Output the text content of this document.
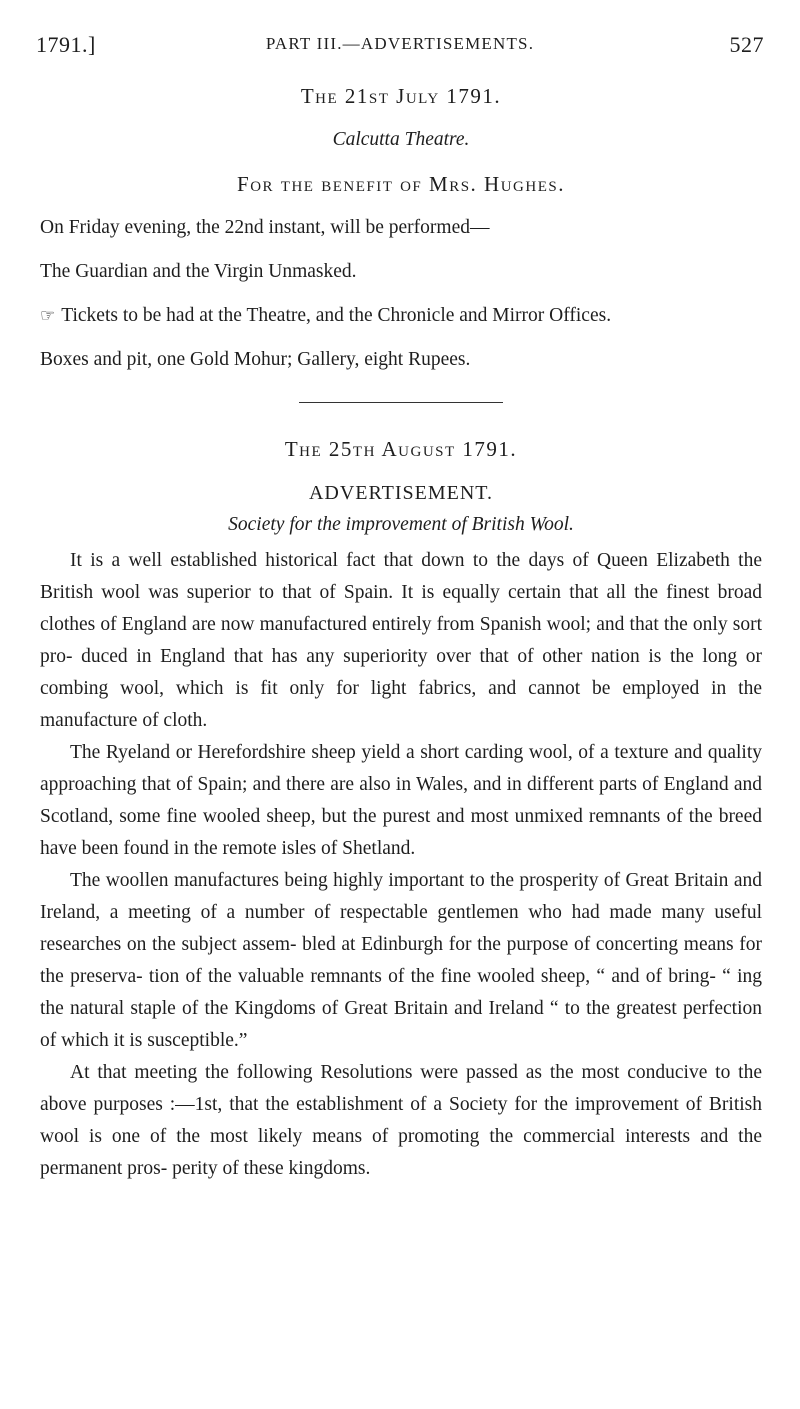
1791.]	PART III.—ADVERTISEMENTS.	527
The 21st July 1791.
Calcutta Theatre.
For the benefit of Mrs. Hughes.

On Friday evening, the 22nd instant, will be performed—

The Guardian and the Virgin Unmasked.

☞ Tickets to be had at the Theatre, and the Chronicle and Mirror Offices.

Boxes and pit, one Gold Mohur; Gallery, eight Rupees.

The 25th August 1791.
ADVERTISEMENT.
Society for the improvement of British Wool.

It is a well established historical fact that down to the days of Queen Elizabeth the British wool was superior to that of Spain. It is equally certain that all the finest broad clothes of England are now manufactured entirely from Spanish wool; and that the only sort pro- duced in England that has any superiority over that of other nation is the long or combing wool, which is fit only for light fabrics, and cannot be employed in the manufacture of cloth.

The Ryeland or Herefordshire sheep yield a short carding wool, of a texture and quality approaching that of Spain; and there are also in Wales, and in different parts of England and Scotland, some fine wooled sheep, but the purest and most unmixed remnants of the breed have been found in the remote isles of Shetland.

The woollen manufactures being highly important to the prosperity of Great Britain and Ireland, a meeting of a number of respectable gentlemen who had made many useful researches on the subject assem- bled at Edinburgh for the purpose of concerting means for the preserva- tion of the valuable remnants of the fine wooled sheep, “ and of bring- “ ing the natural staple of the Kingdoms of Great Britain and Ireland “ to the greatest perfection of which it is susceptible.”

At that meeting the following Resolutions were passed as the most conducive to the above purposes :—1st, that the establishment of a Society for the improvement of British wool is one of the most likely means of promoting the commercial interests and the permanent pros- perity of these kingdoms.
